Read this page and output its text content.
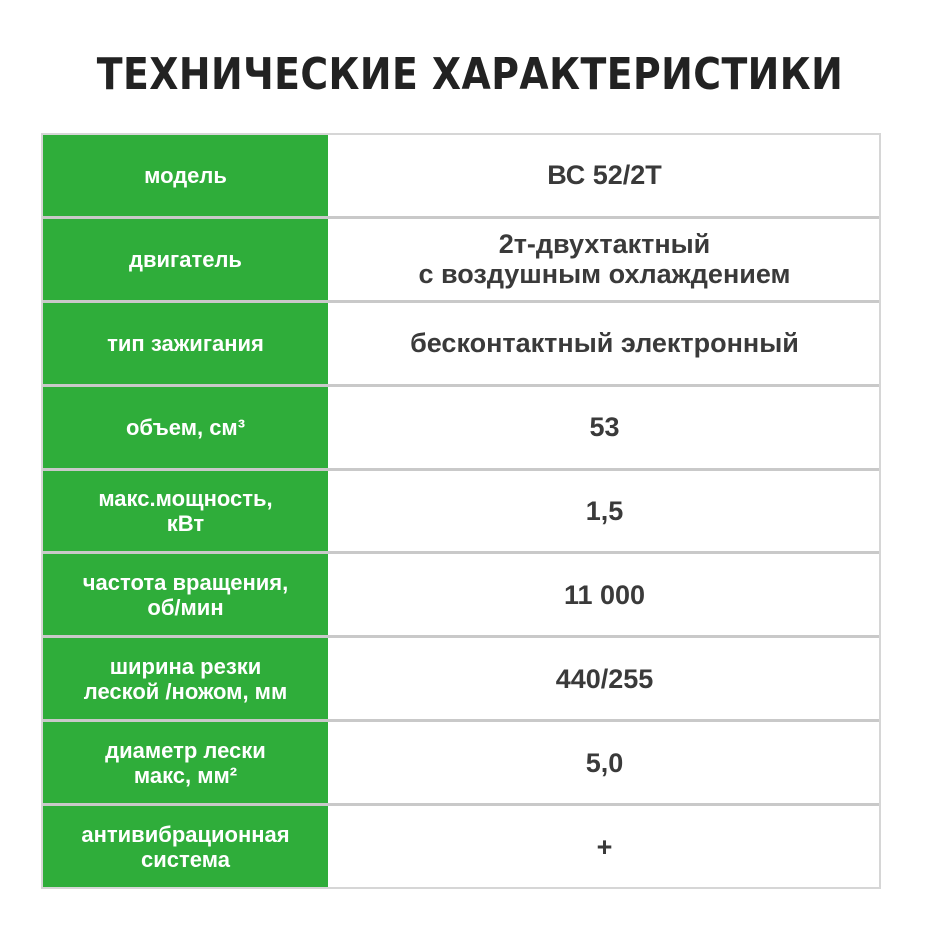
ТЕХНИЧЕСКИЕ ХАРАКТЕРИСТИКИ
модель	ВС 52/2Т
двигатель	2т-двухтактный
с воздушным охлаждением
тип зажигания	бесконтактный электронный
объем, см³	53
макс.мощность,
кВт	1,5
частота вращения,
об/мин	11 000
ширина резки
леской /ножом, мм	440/255
диаметр лески
макс, мм²	5,0
антивибрационная
система	+
